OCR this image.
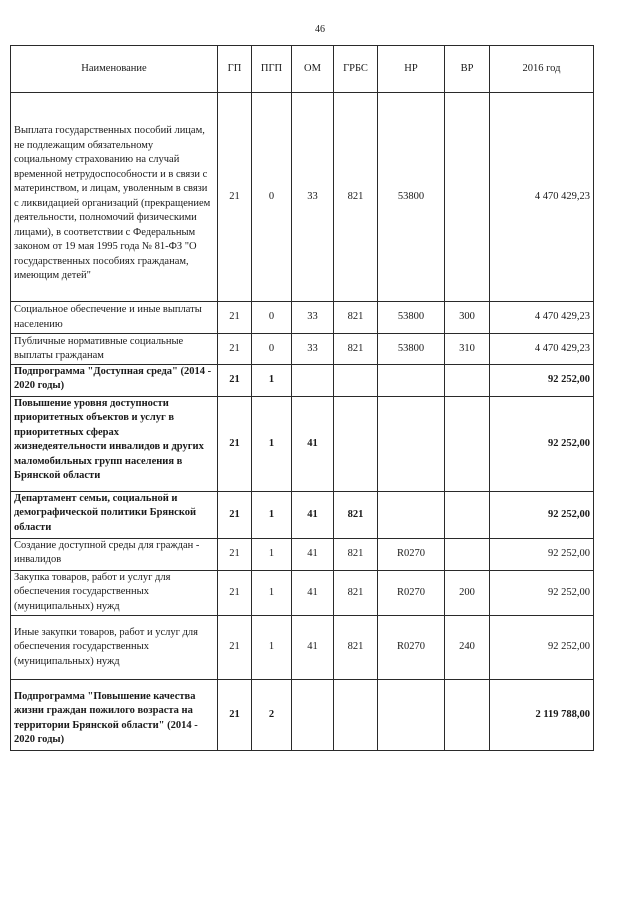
46
Наименование	ГП	ПГП	ОМ	ГРБС	НР	ВР	2016 год
Выплата государственных пособий лицам, не подлежащим обязательному социальному страхованию на случай временной нетрудоспособности и в связи с материнством, и лицам, уволенным в связи с ликвидацией организаций (прекращением деятельности, полномочий физическими лицами), в соответствии с Федеральным законом от 19 мая 1995 года № 81-ФЗ "О государственных пособиях гражданам, имеющим детей"	21	0	33	821	53800		4 470 429,23
Социальное обеспечение и иные выплаты населению	21	0	33	821	53800	300	4 470 429,23
Публичные нормативные социальные выплаты гражданам	21	0	33	821	53800	310	4 470 429,23
Подпрограмма "Доступная среда" (2014 - 2020 годы)	21	1					92 252,00
Повышение уровня доступности приоритетных объектов и услуг в приоритетных сферах жизнедеятельности инвалидов и других маломобильных групп населения в Брянской области	21	1	41				92 252,00
Департамент семьи, социальной и демографической политики Брянской области	21	1	41	821			92 252,00
Создание доступной среды для граждан - инвалидов	21	1	41	821	R0270		92 252,00
Закупка товаров, работ и услуг для обеспечения государственных (муниципальных) нужд	21	1	41	821	R0270	200	92 252,00
Иные закупки товаров, работ и услуг для обеспечения государственных (муниципальных) нужд	21	1	41	821	R0270	240	92 252,00
Подпрограмма "Повышение качества жизни граждан пожилого возраста на территории Брянской области" (2014 - 2020 годы)	21	2					2 119 788,00
